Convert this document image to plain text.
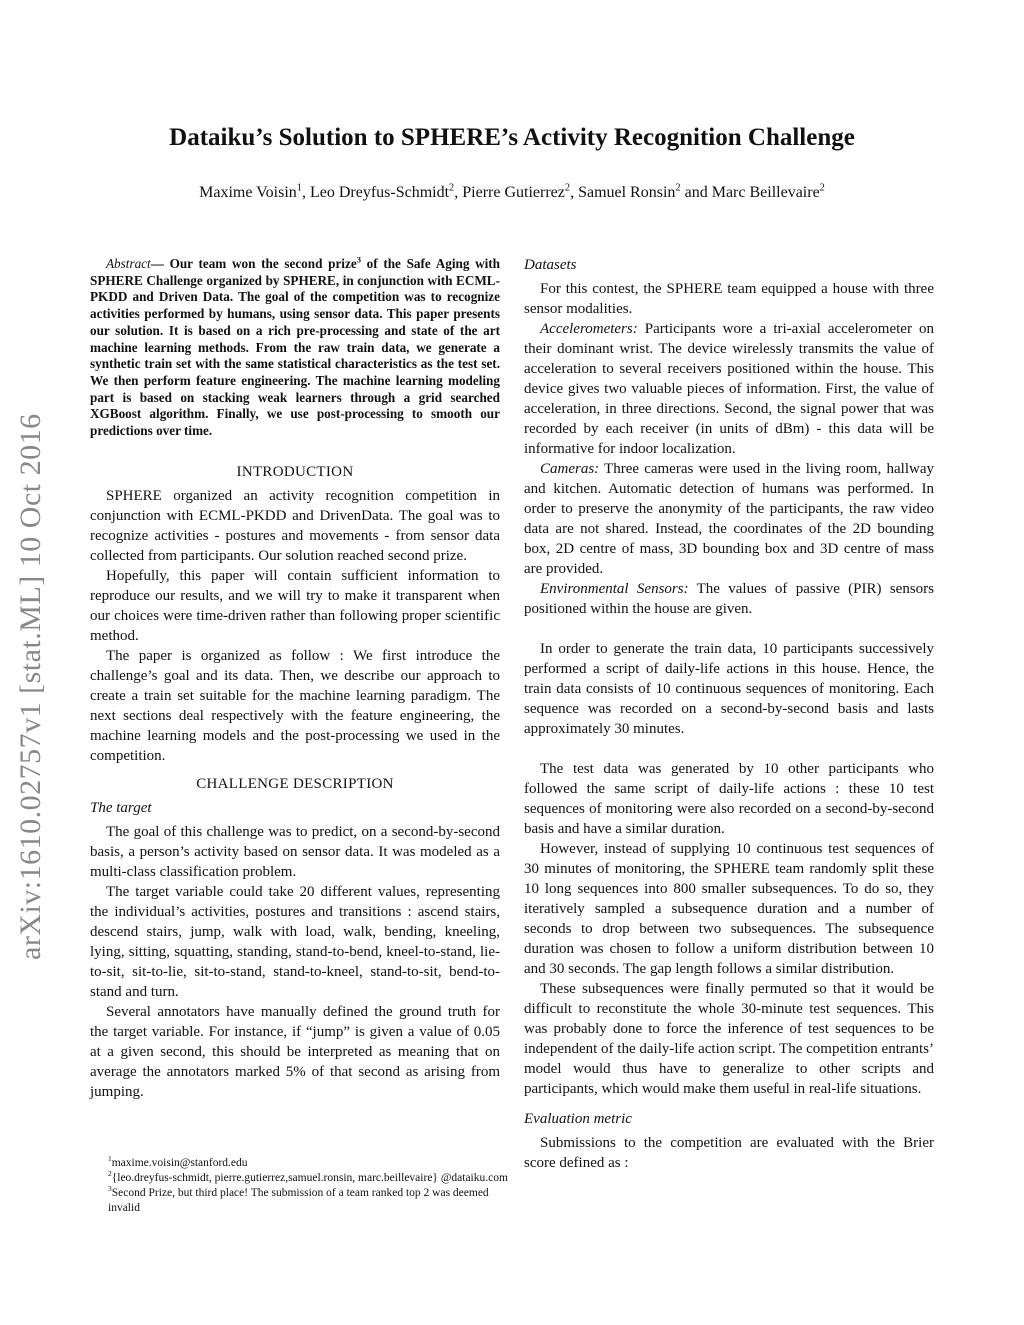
Dataiku’s Solution to SPHERE’s Activity Recognition Challenge
Maxime Voisin$^1$, Leo Dreyfus-Schmidt$^2$, Pierre Gutierrez$^2$, Samuel Ronsin$^2$ and Marc Beillevaire$^2$
arXiv:1610.02757v1 [stat.ML] 10 Oct 2016

Abstract— Our team won the second prize$^3$ of the Safe Aging with SPHERE Challenge organized by SPHERE, in conjunction with ECML-PKDD and Driven Data. The goal of the competition was to recognize activities performed by humans, using sensor data. This paper presents our solution. It is based on a rich pre-processing and state of the art machine learning methods. From the raw train data, we generate a synthetic train set with the same statistical characteristics as the test set. We then perform feature engineering. The machine learning modeling part is based on stacking weak learners through a grid searched XGBoost algorithm. Finally, we use post-processing to smooth our predictions over time.

INTRODUCTION

SPHERE organized an activity recognition competition in conjunction with ECML-PKDD and DrivenData. The goal was to recognize activities - postures and movements - from sensor data collected from participants. Our solution reached second prize.

Hopefully, this paper will contain sufficient information to reproduce our results, and we will try to make it transparent when our choices were time-driven rather than following proper scientific method.

The paper is organized as follow : We first introduce the challenge’s goal and its data. Then, we describe our approach to create a train set suitable for the machine learning paradigm. The next sections deal respectively with the feature engineering, the machine learning models and the post-processing we used in the competition.

CHALLENGE DESCRIPTION
The target

The goal of this challenge was to predict, on a second-by-second basis, a person’s activity based on sensor data. It was modeled as a multi-class classification problem.

The target variable could take 20 different values, representing the individual’s activities, postures and transitions : ascend stairs, descend stairs, jump, walk with load, walk, bending, kneeling, lying, sitting, squatting, standing, stand-to-bend, kneel-to-stand, lie-to-sit, sit-to-lie, sit-to-stand, stand-to-kneel, stand-to-sit, bend-to-stand and turn.

Several annotators have manually defined the ground truth for the target variable. For instance, if “jump” is given a value of 0.05 at a given second, this should be interpreted as meaning that on average the annotators marked 5% of that second as arising from jumping.

$^1$maxime.voisin@stanford.edu
$^2${leo.dreyfus-schmidt, pierre.gutierrez,samuel.ronsin, marc.beillevaire} @dataiku.com
$^3$Second Prize, but third place! The submission of a team ranked top 2 was deemed invalid
Datasets

For this contest, the SPHERE team equipped a house with three sensor modalities.

Accelerometers: Participants wore a tri-axial accelerometer on their dominant wrist. The device wirelessly transmits the value of acceleration to several receivers positioned within the house. This device gives two valuable pieces of information. First, the value of acceleration, in three directions. Second, the signal power that was recorded by each receiver (in units of dBm) - this data will be informative for indoor localization.

Cameras: Three cameras were used in the living room, hallway and kitchen. Automatic detection of humans was performed. In order to preserve the anonymity of the participants, the raw video data are not shared. Instead, the coordinates of the 2D bounding box, 2D centre of mass, 3D bounding box and 3D centre of mass are provided.

Environmental Sensors: The values of passive (PIR) sensors positioned within the house are given.

In order to generate the train data, 10 participants successively performed a script of daily-life actions in this house. Hence, the train data consists of 10 continuous sequences of monitoring. Each sequence was recorded on a second-by-second basis and lasts approximately 30 minutes.

The test data was generated by 10 other participants who followed the same script of daily-life actions : these 10 test sequences of monitoring were also recorded on a second-by-second basis and have a similar duration.

However, instead of supplying 10 continuous test sequences of 30 minutes of monitoring, the SPHERE team randomly split these 10 long sequences into 800 smaller subsequences. To do so, they iteratively sampled a subsequence duration and a number of seconds to drop between two subsequences. The subsequence duration was chosen to follow a uniform distribution between 10 and 30 seconds. The gap length follows a similar distribution.

These subsequences were finally permuted so that it would be difficult to reconstitute the whole 30-minute test sequences. This was probably done to force the inference of test sequences to be independent of the daily-life action script. The competition entrants’ model would thus have to generalize to other scripts and participants, which would make them useful in real-life situations.

Evaluation metric

Submissions to the competition are evaluated with the Brier score defined as :
